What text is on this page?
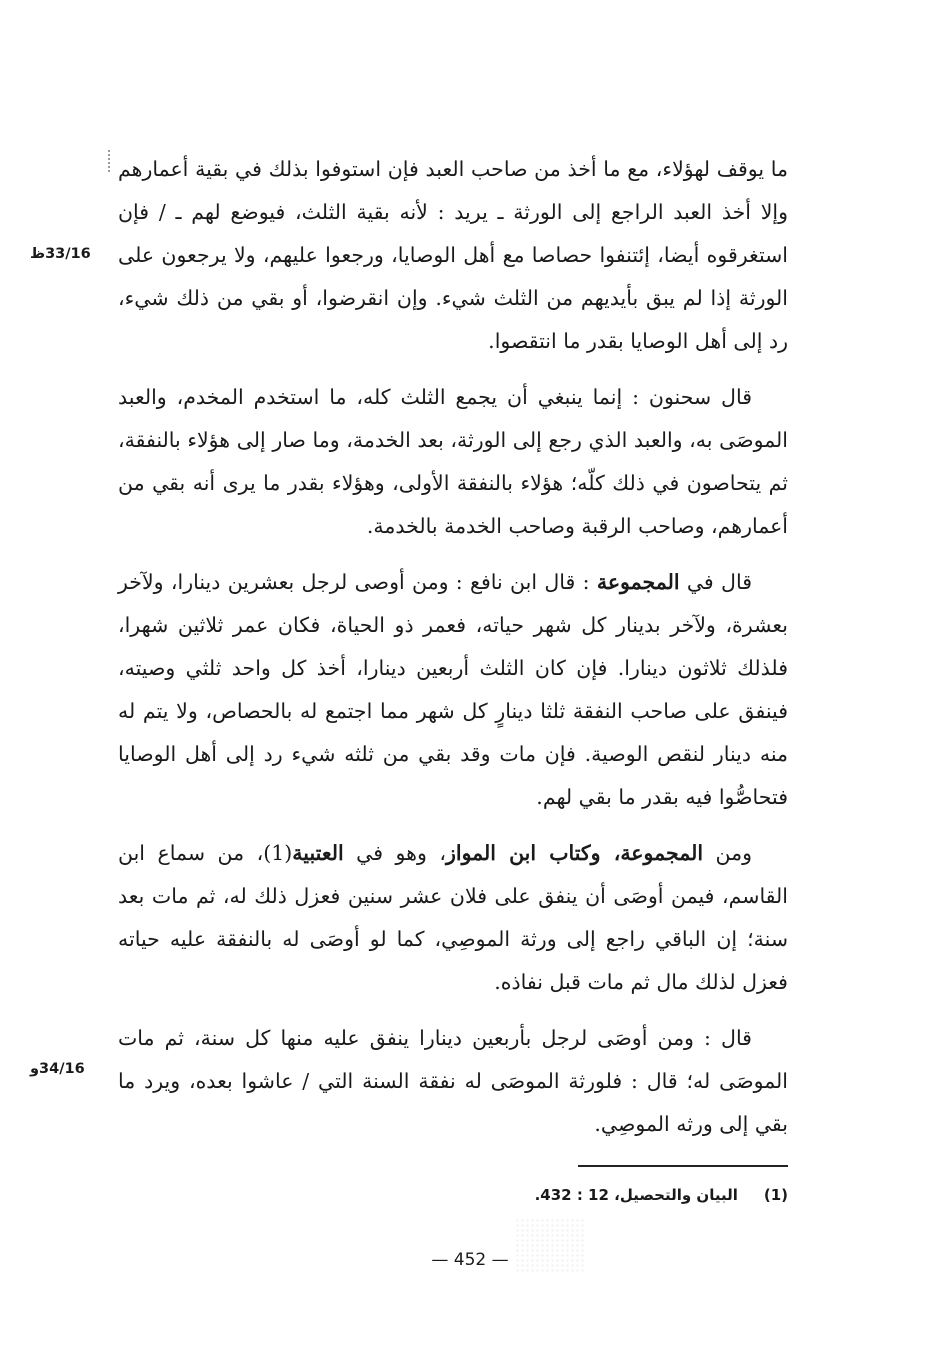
33/16ظ
34/16و

ما يوقف لهؤلاء، مع ما أخذ من صاحب العبد فإن استوفوا بذلك في بقية أعمارهم وإلا أخذ العبد الراجع إلى الورثة ـ يريد : لأنه بقية الثلث، فيوضع لهم ـ / فإن استغرقوه أيضا، إئتنفوا حصاصا مع أهل الوصايا، ورجعوا عليهم، ولا يرجعون على الورثة إذا لم يبق بأيديهم من الثلث شيء. وإن انقرضوا، أو بقي من ذلك شيء، رد إلى أهل الوصايا بقدر ما انتقصوا.

قال سحنون : إنما ينبغي أن يجمع الثلث كله، ما استخدم المخدم، والعبد الموصَى به، والعبد الذي رجع إلى الورثة، بعد الخدمة، وما صار إلى هؤلاء بالنفقة، ثم يتحاصون في ذلك كلّه؛ هؤلاء بالنفقة الأولى، وهؤلاء بقدر ما يرى أنه بقي من أعمارهم، وصاحب الرقبة وصاحب الخدمة بالخدمة.

قال في المجموعة : قال ابن نافع : ومن أوصى لرجل بعشرين دينارا، ولآخر بعشرة، ولآخر بدينار كل شهر حياته، فعمر ذو الحياة، فكان عمر ثلاثين شهرا، فلذلك ثلاثون دينارا. فإن كان الثلث أربعين دينارا، أخذ كل واحد ثلثي وصيته، فينفق على صاحب النفقة ثلثا دينارٍ كل شهر مما اجتمع له بالحصاص، ولا يتم له منه دينار لنقص الوصية. فإن مات وقد بقي من ثلثه شيء رد إلى أهل الوصايا فتحاصُّوا فيه بقدر ما بقي لهم.

ومن المجموعة، وكتاب ابن المواز، وهو في العتبية(1)، من سماع ابن القاسم، فيمن أوصَى أن ينفق على فلان عشر سنين فعزل ذلك له، ثم مات بعد سنة؛ إن الباقي راجع إلى ورثة الموصِي، كما لو أوصَى له بالنفقة عليه حياته فعزل لذلك مال ثم مات قبل نفاذه.

قال : ومن أوصَى لرجل بأربعين دينارا ينفق عليه منها كل سنة، ثم مات الموصَى له؛ قال : فلورثة الموصَى له نفقة السنة التي / عاشوا بعده، ويرد ما بقي إلى ورثه الموصِي.

(1)البيان والتحصيل، 12 : 432.
— 452 —
